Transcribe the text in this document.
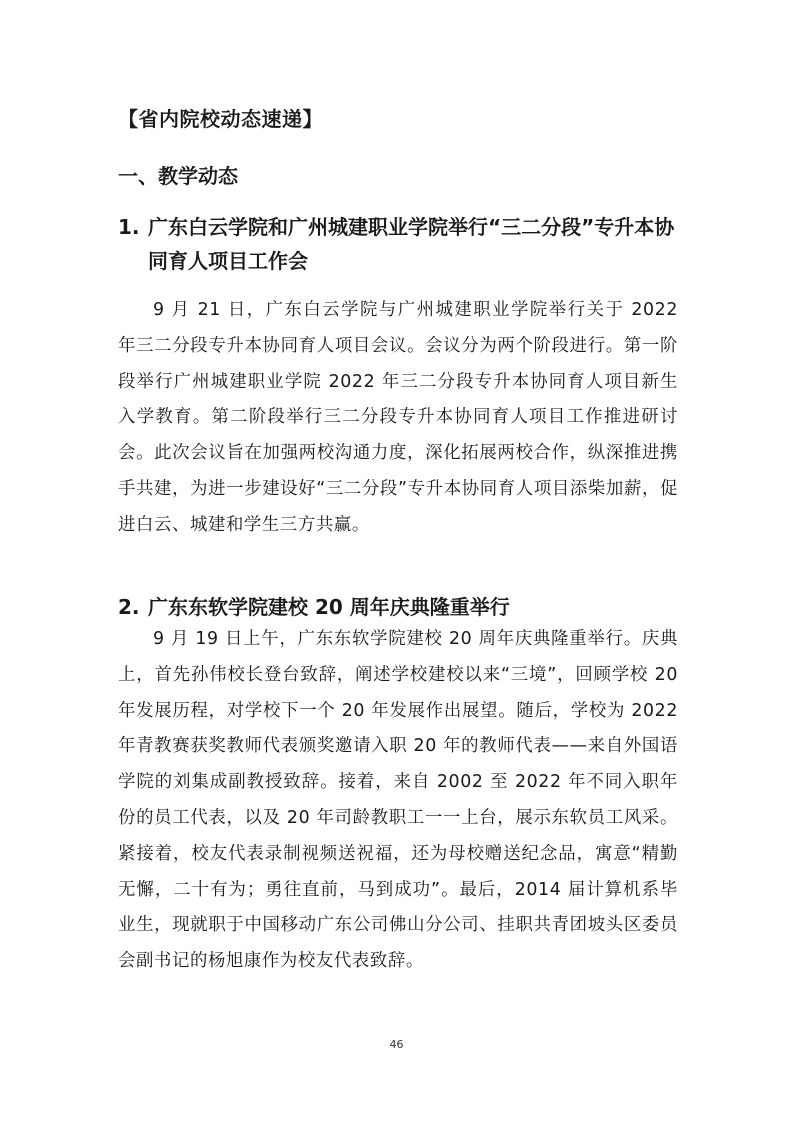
【省内院校动态速递】
一、教学动态
1. 广东白云学院和广州城建职业学院举行“三二分段”专升本协同育人项目工作会
9 月 21 日，广东白云学院与广州城建职业学院举行关于 2022 年三二分段专升本协同育人项目会议。会议分为两个阶段进行。第一阶段举行广州城建职业学院 2022 年三二分段专升本协同育人项目新生入学教育。第二阶段举行三二分段专升本协同育人项目工作推进研讨会。此次会议旨在加强两校沟通力度，深化拓展两校合作，纵深推进携手共建，为进一步建设好“三二分段”专升本协同育人项目添柴加薪，促进白云、城建和学生三方共赢。
2. 广东东软学院建校 20 周年庆典隆重举行
9 月 19 日上午，广东东软学院建校 20 周年庆典隆重举行。庆典上，首先孙伟校长登台致辞，阐述学校建校以来“三境”，回顾学校 20 年发展历程，对学校下一个 20 年发展作出展望。随后，学校为 2022 年青教赛获奖教师代表颁奖邀请入职 20 年的教师代表——来自外国语学院的刘集成副教授致辞。接着，来自 2002 至 2022 年不同入职年份的员工代表，以及 20 年司龄教职工一一上台，展示东软员工风采。紧接着，校友代表录制视频送祝福，还为母校赠送纪念品，寓意“精勤无懈，二十有为；勇往直前，马到成功”。最后，2014 届计算机系毕业生，现就职于中国移动广东公司佛山分公司、挂职共青团坡头区委员会副书记的杨旭康作为校友代表致辞。
46
